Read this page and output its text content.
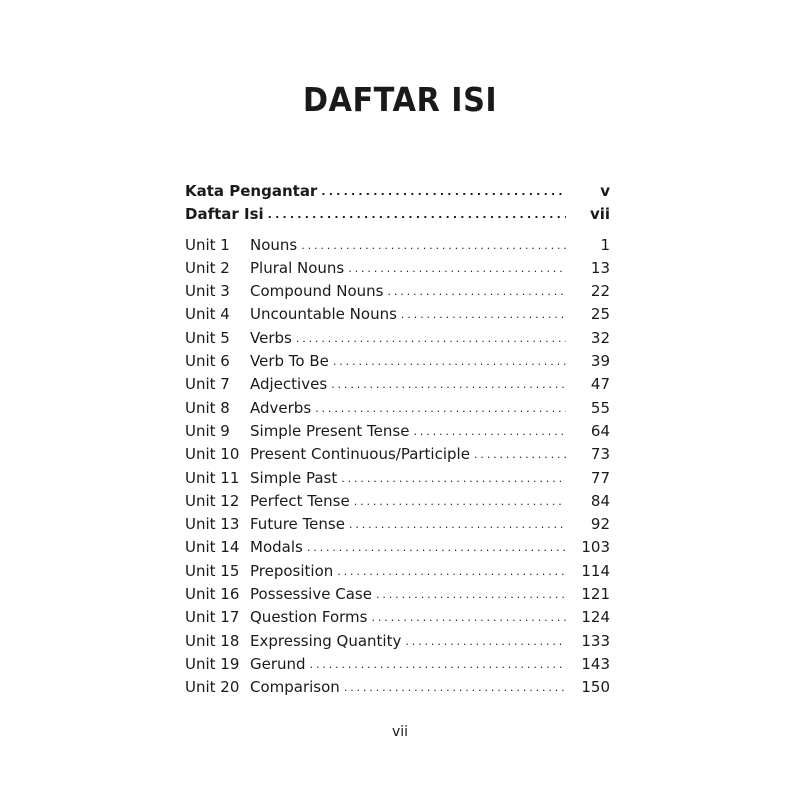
DAFTAR ISI
Kata Pengantar . . .	v
Daftar Isi . . .	vii
Unit 1	Nouns . . .	1
Unit 2	Plural Nouns . . .	13
Unit 3	Compound Nouns . . .	22
Unit 4	Uncountable Nouns . . .	25
Unit 5	Verbs . . .	32
Unit 6	Verb To Be . . .	39
Unit 7	Adjectives . . .	47
Unit 8	Adverbs . . .	55
Unit 9	Simple Present Tense . . .	64
Unit 10 Present Continuous/Participle . . .	73
Unit 11 Simple Past . . .	77
Unit 12 Perfect Tense . . .	84
Unit 13 Future Tense . . .	92
Unit 14 Modals . . .	103
Unit 15 Preposition . . .	114
Unit 16 Possessive Case . . .	121
Unit 17 Question Forms . . .	124
Unit 18 Expressing Quantity . . .	133
Unit 19 Gerund . . .	143
Unit 20 Comparison . . .	150
vii
